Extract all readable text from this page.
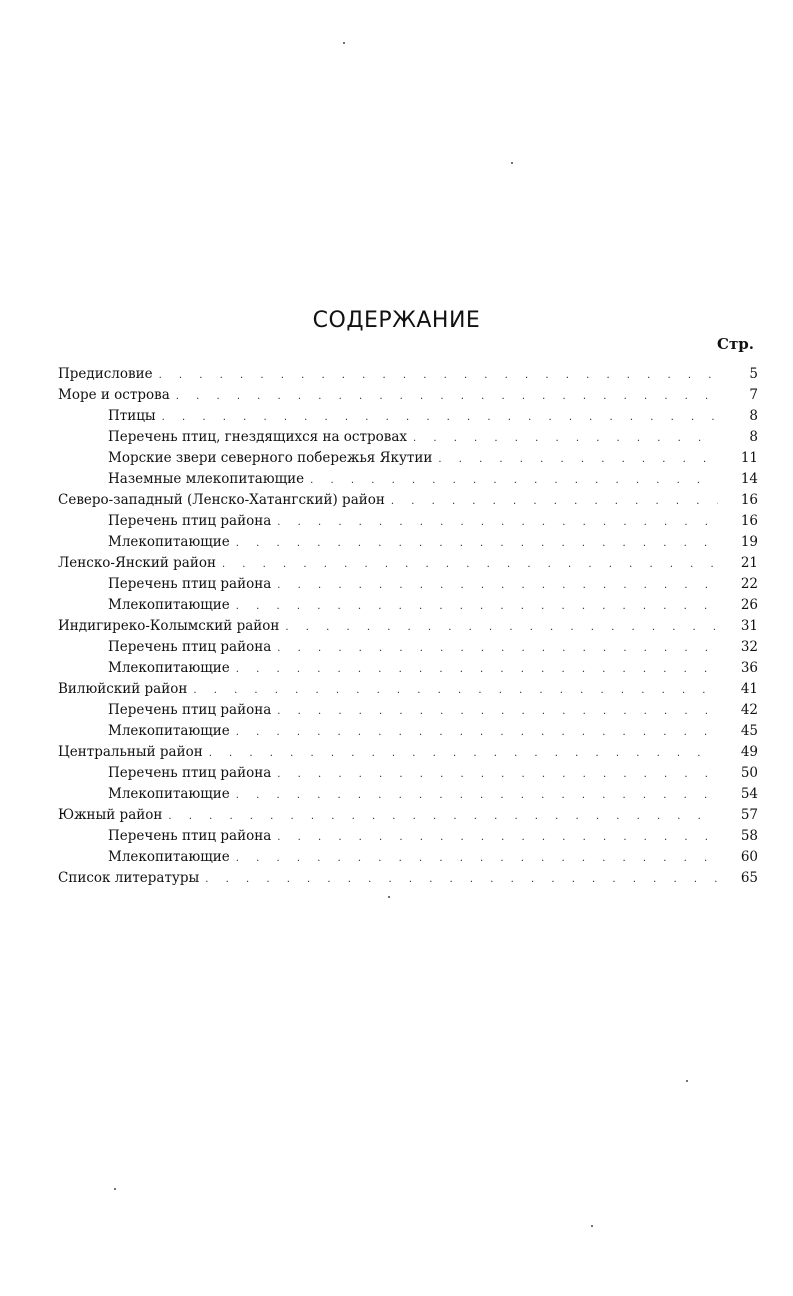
СОДЕРЖАНИЕ
Стр.
Предисловие . . .	5
Море и острова . . .	7
Птицы . . .	8
Перечень птиц, гнездящихся на островах . . .	8
Морские звери северного побережья Якутии . . .	11
Наземные млекопитающие . . .	14
Северо-западный (Ленско-Хатангский) район . . .	16
Перечень птиц района . . .	16
Млекопитающие . . .	19
Ленско-Янский район . . .	21
Перечень птиц района . . .	22
Млекопитающие . . .	26
Индигиреко-Колымский район . . .	31
Перечень птиц района . . .	32
Млекопитающие . . .	36
Вилюйский район . . .	41
Перечень птиц района . . .	42
Млекопитающие . . .	45
Центральный район . . .	49
Перечень птиц района . . .	50
Млекопитающие . . .	54
Южный район . . .	57
Перечень птиц района . . .	58
Млекопитающие . . .	60
Список литературы . . .	65
